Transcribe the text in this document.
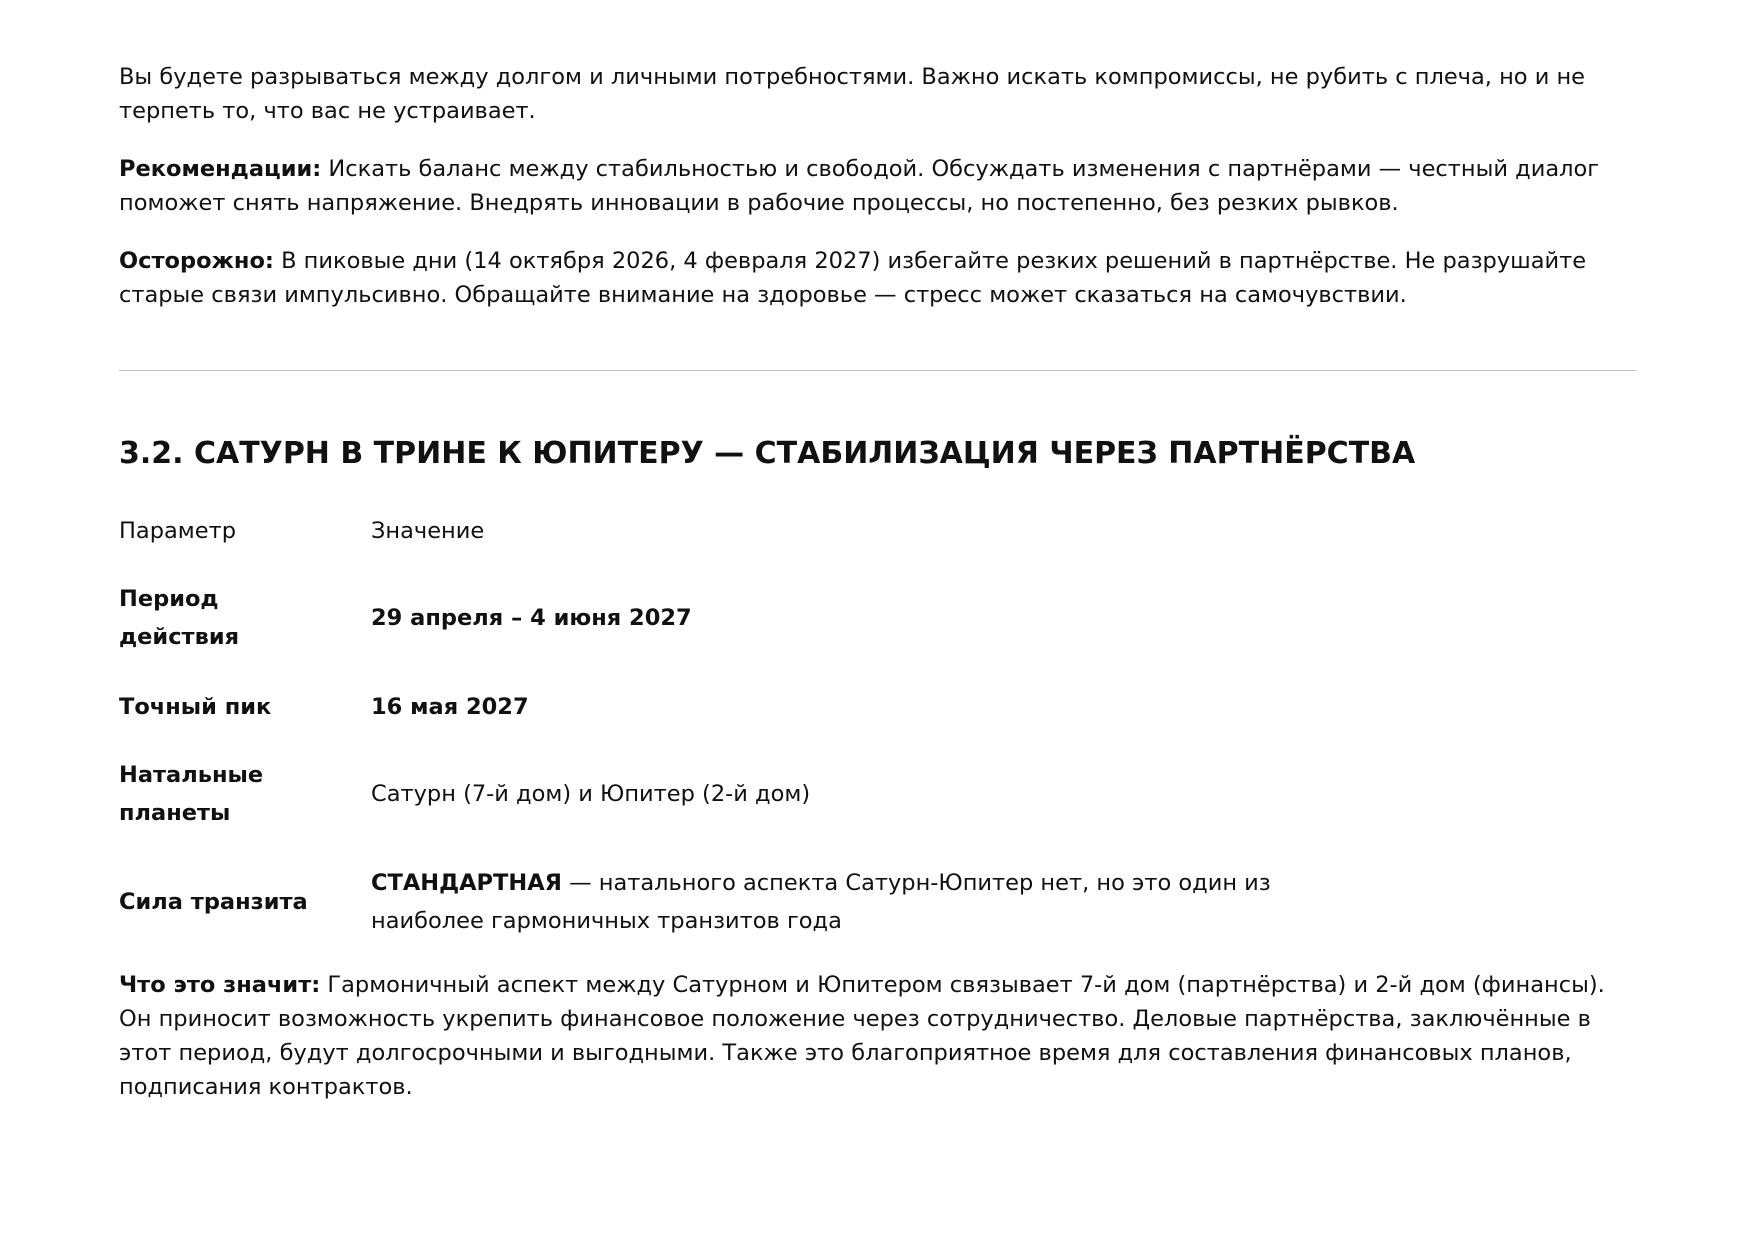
Вы будете разрываться между долгом и личными потребностями. Важно искать компромиссы, не рубить с плеча, но и не терпеть то, что вас не устраивает.

Рекомендации: Искать баланс между стабильностью и свободой. Обсуждать изменения с партнёрами — честный диалог поможет снять напряжение. Внедрять инновации в рабочие процессы, но постепенно, без резких рывков.

Осторожно: В пиковые дни (14 октября 2026, 4 февраля 2027) избегайте резких решений в партнёрстве. Не разрушайте старые связи импульсивно. Обращайте внимание на здоровье — стресс может сказаться на самочувствии.

3.2. САТУРН В ТРИНЕ К ЮПИТЕРУ — СТАБИЛИЗАЦИЯ ЧЕРЕЗ ПАРТНЁРСТВА
Параметр	Значение
Период
действия	29 апреля – 4 июня 2027
Точный пик	16 мая 2027
Натальные
планеты	Сатурн (7-й дом) и Юпитер (2-й дом)
Сила транзита	СТАНДАРТНАЯ — натального аспекта Сатурн-Юпитер нет, но это один из
наиболее гармоничных транзитов года

Что это значит: Гармоничный аспект между Сатурном и Юпитером связывает 7-й дом (партнёрства) и 2-й дом (финансы). Он приносит возможность укрепить финансовое положение через сотрудничество. Деловые партнёрства, заключённые в этот период, будут долгосрочными и выгодными. Также это благоприятное время для составления финансовых планов, подписания контрактов.
